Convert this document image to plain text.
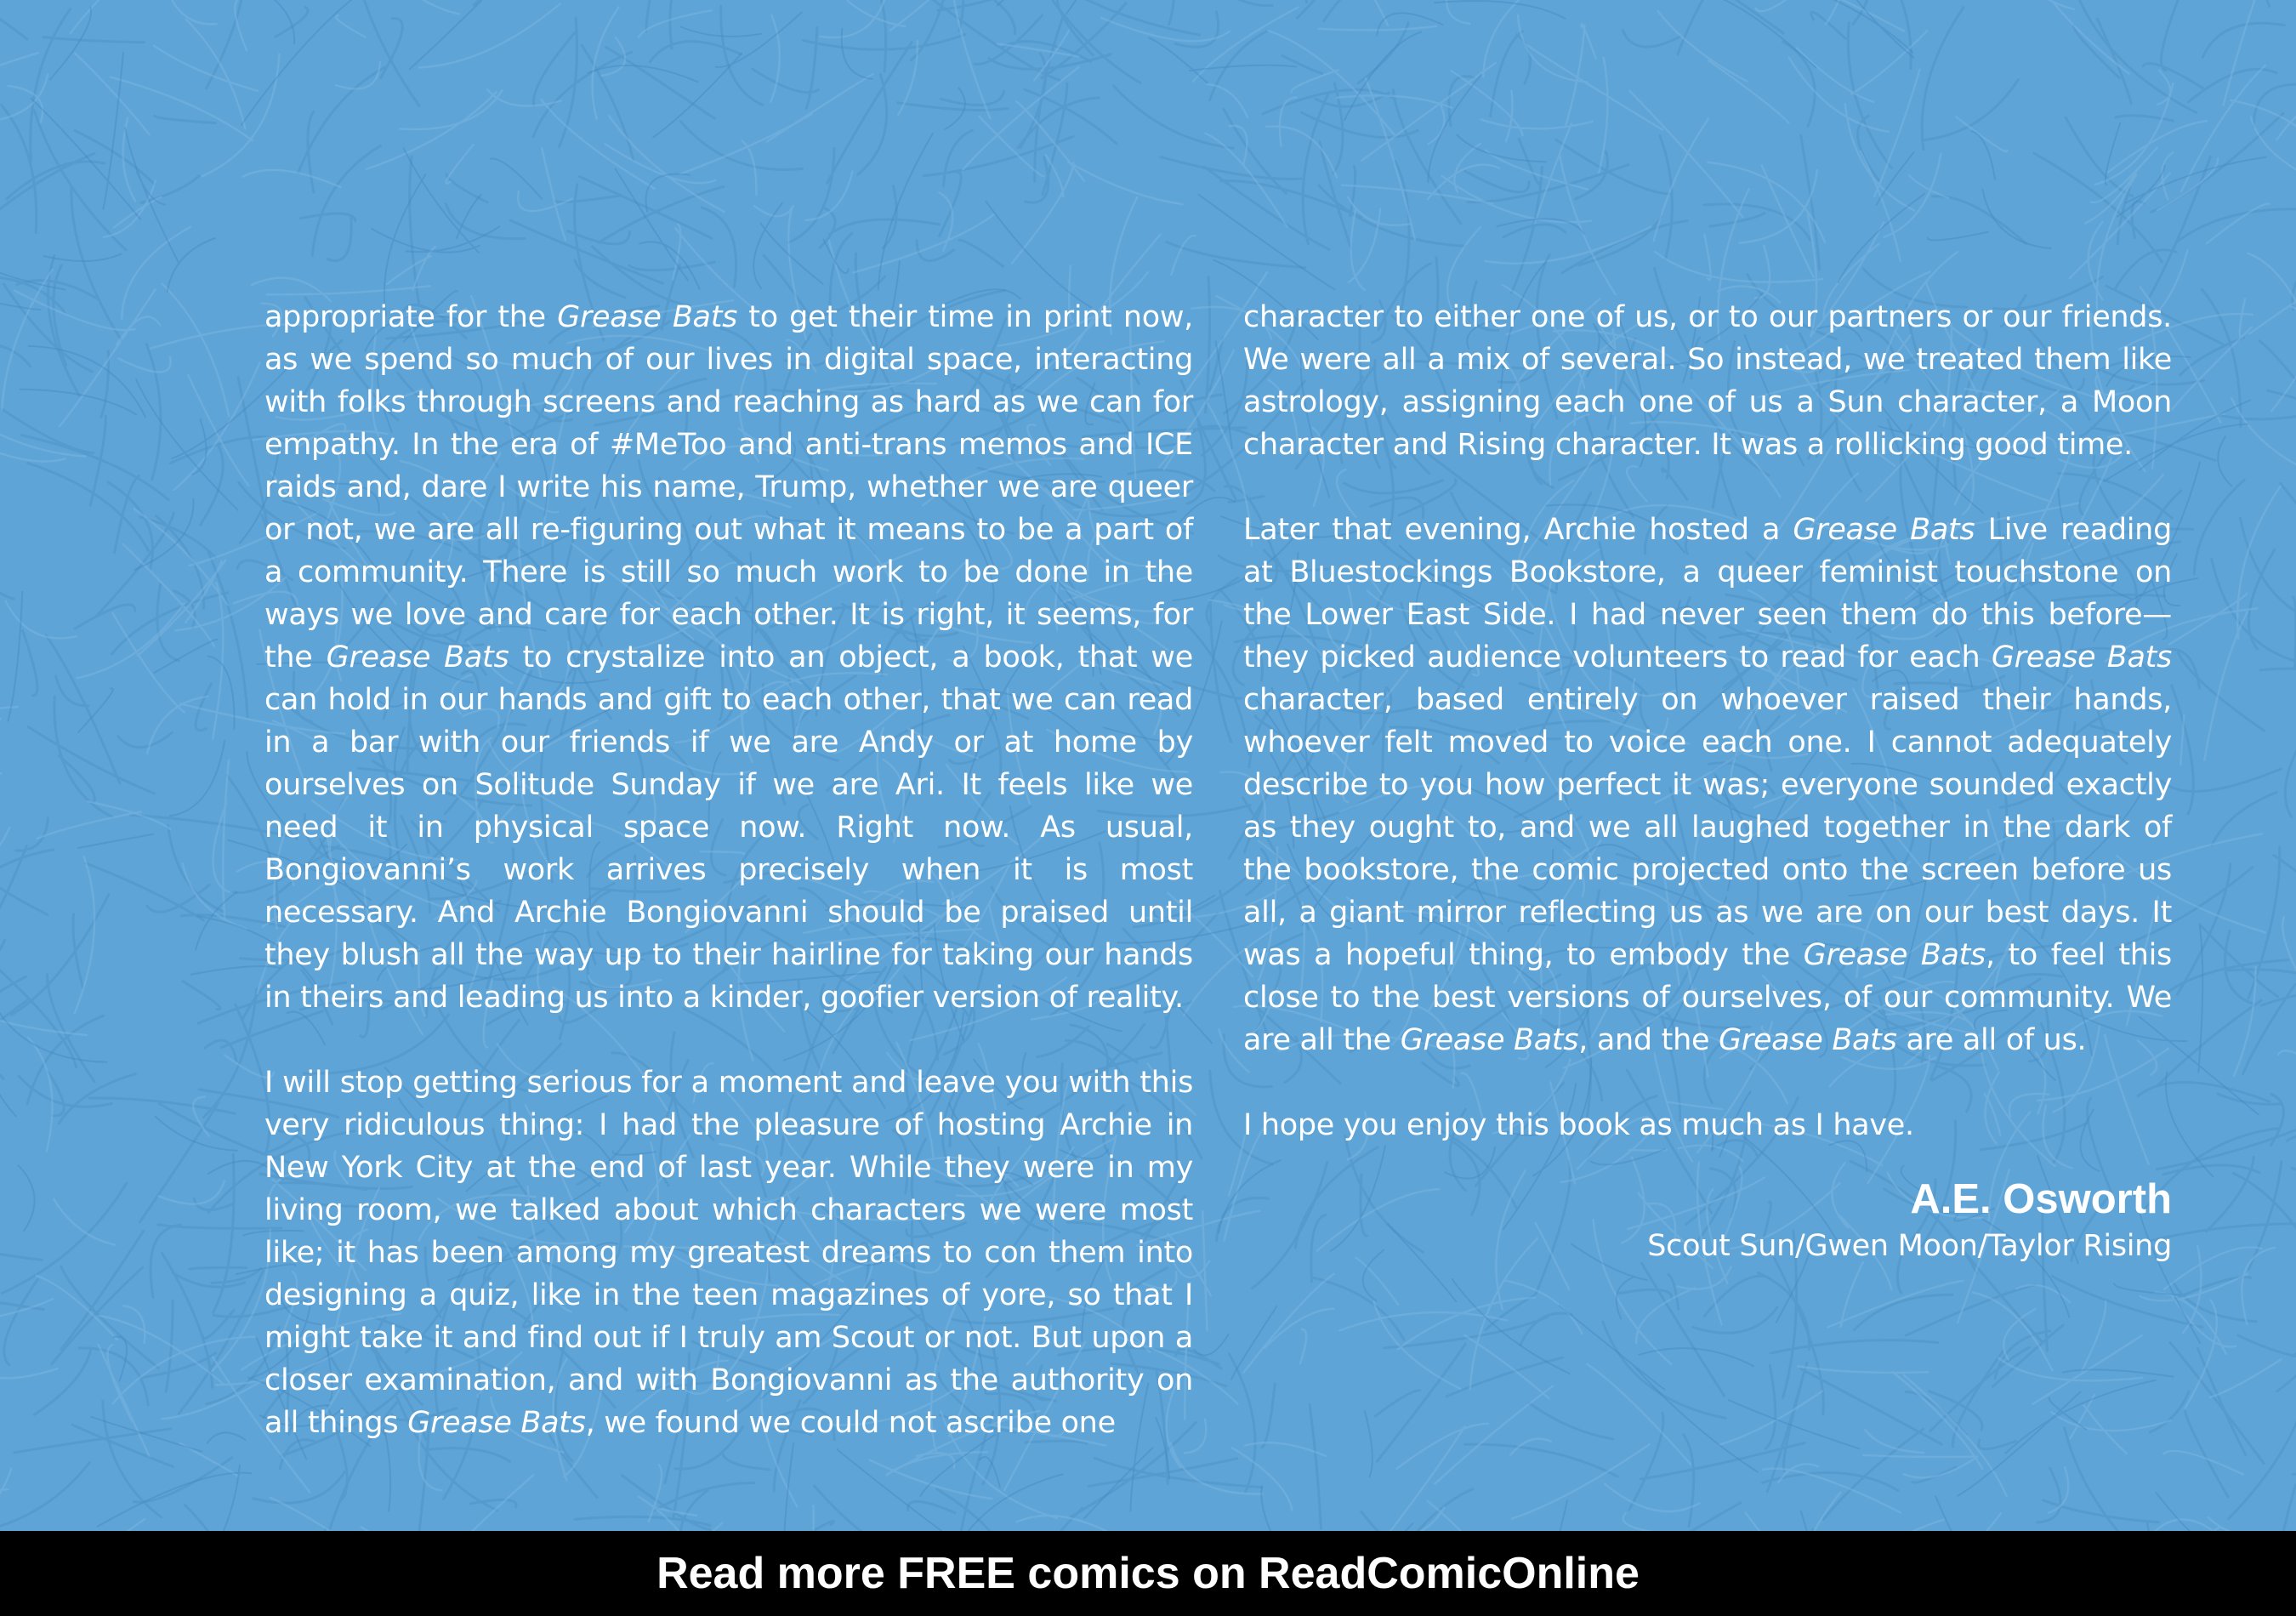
appropriate for the Grease Bats to get their time in print now, as we spend so much of our lives in digital space, interacting with folks through screens and reaching as hard as we can for empathy. In the era of #MeToo and anti-trans memos and ICE raids and, dare I write his name, Trump, whether we are queer or not, we are all re-figuring out what it means to be a part of a community. There is still so much work to be done in the ways we love and care for each other. It is right, it seems, for the Grease Bats to crystalize into an object, a book, that we can hold in our hands and gift to each other, that we can read in a bar with our friends if we are Andy or at home by ourselves on Solitude Sunday if we are Ari. It feels like we need it in physical space now. Right now. As usual, Bongiovanni’s work arrives precisely when it is most necessary. And Archie Bongiovanni should be praised until they blush all the way up to their hairline for taking our hands in theirs and leading us into a kinder, goofier version of reality.

I will stop getting serious for a moment and leave you with this very ridiculous thing: I had the pleasure of hosting Archie in New York City at the end of last year. While they were in my living room, we talked about which characters we were most like; it has been among my greatest dreams to con them into designing a quiz, like in the teen magazines of yore, so that I might take it and find out if I truly am Scout or not. But upon a closer examination, and with Bongiovanni as the authority on all things Grease Bats, we found we could not ascribe one

character to either one of us, or to our partners or our friends. We were all a mix of several. So instead, we treated them like astrology, assigning each one of us a Sun character, a Moon character and Rising character. It was a rollicking good time.

Later that evening, Archie hosted a Grease Bats Live reading at Bluestockings Bookstore, a queer feminist touchstone on the Lower East Side. I had never seen them do this before—they picked audience volunteers to read for each Grease Bats character, based entirely on whoever raised their hands, whoever felt moved to voice each one. I cannot adequately describe to you how perfect it was; everyone sounded exactly as they ought to, and we all laughed together in the dark of the bookstore, the comic projected onto the screen before us all, a giant mirror reflecting us as we are on our best days. It was a hopeful thing, to embody the Grease Bats, to feel this close to the best versions of ourselves, of our community. We are all the Grease Bats, and the Grease Bats are all of us.

I hope you enjoy this book as much as I have.

A.E. Osworth
Scout Sun/Gwen Moon/Taylor Rising
Read more FREE comics on ReadComicOnline
